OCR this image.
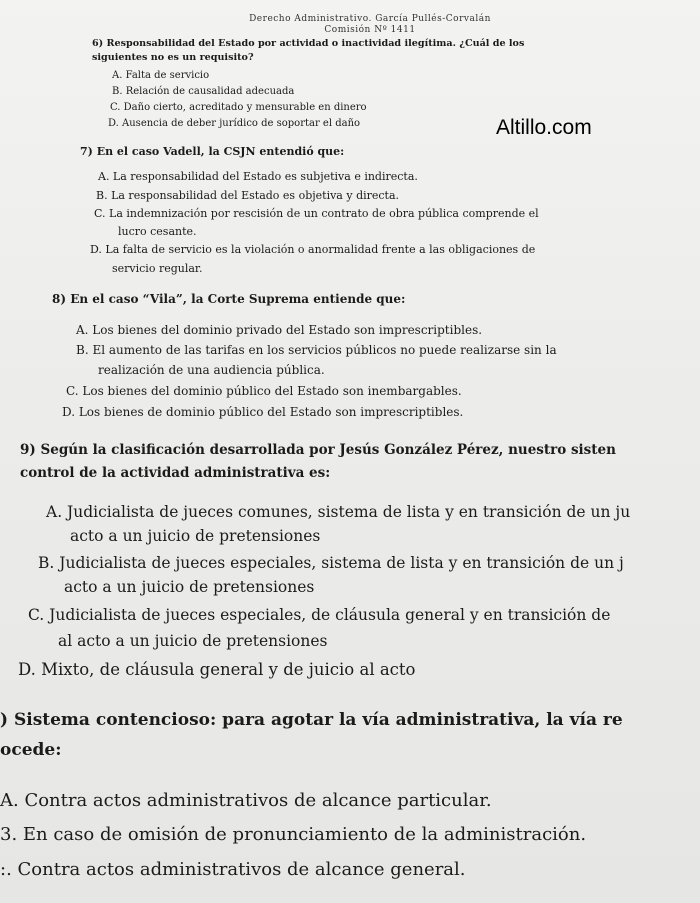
Derecho Administrativo. García Pullés-Corvalán
Comisión Nº 1411
Altillo.com
6) Responsabilidad del Estado por actividad o inactividad ilegítima. ¿Cuál de los
siguientes no es un requisito?
A. Falta de servicio
B. Relación de causalidad adecuada
C. Daño cierto, acreditado y mensurable en dinero
D. Ausencia de deber jurídico de soportar el daño
7) En el caso Vadell, la CSJN entendió que:
A. La responsabilidad del Estado es subjetiva e indirecta.
B. La responsabilidad del Estado es objetiva y directa.
C. La indemnización por rescisión de un contrato de obra pública comprende el
lucro cesante.
D. La falta de servicio es la violación o anormalidad frente a las obligaciones de
servicio regular.
8) En el caso “Vila”, la Corte Suprema entiende que:
A. Los bienes del dominio privado del Estado son imprescriptibles.
B. El aumento de las tarifas en los servicios públicos no puede realizarse sin la
realización de una audiencia pública.
C. Los bienes del dominio público del Estado son inembargables.
D. Los bienes de dominio público del Estado son imprescriptibles.
9) Según la clasificación desarrollada por Jesús González Pérez, nuestro sisten
control de la actividad administrativa es:
A. Judicialista de jueces comunes, sistema de lista y en transición de un ju
acto a un juicio de pretensiones
B. Judicialista de jueces especiales, sistema de lista y en transición de un j
acto a un juicio de pretensiones
C. Judicialista de jueces especiales, de cláusula general y en transición de
al acto a un juicio de pretensiones
D. Mixto, de cláusula general y de juicio al acto
) Sistema contencioso: para agotar la vía administrativa, la vía re
ocede:
A. Contra actos administrativos de alcance particular.
3. En caso de omisión de pronunciamiento de la administración.
:. Contra actos administrativos de alcance general.
